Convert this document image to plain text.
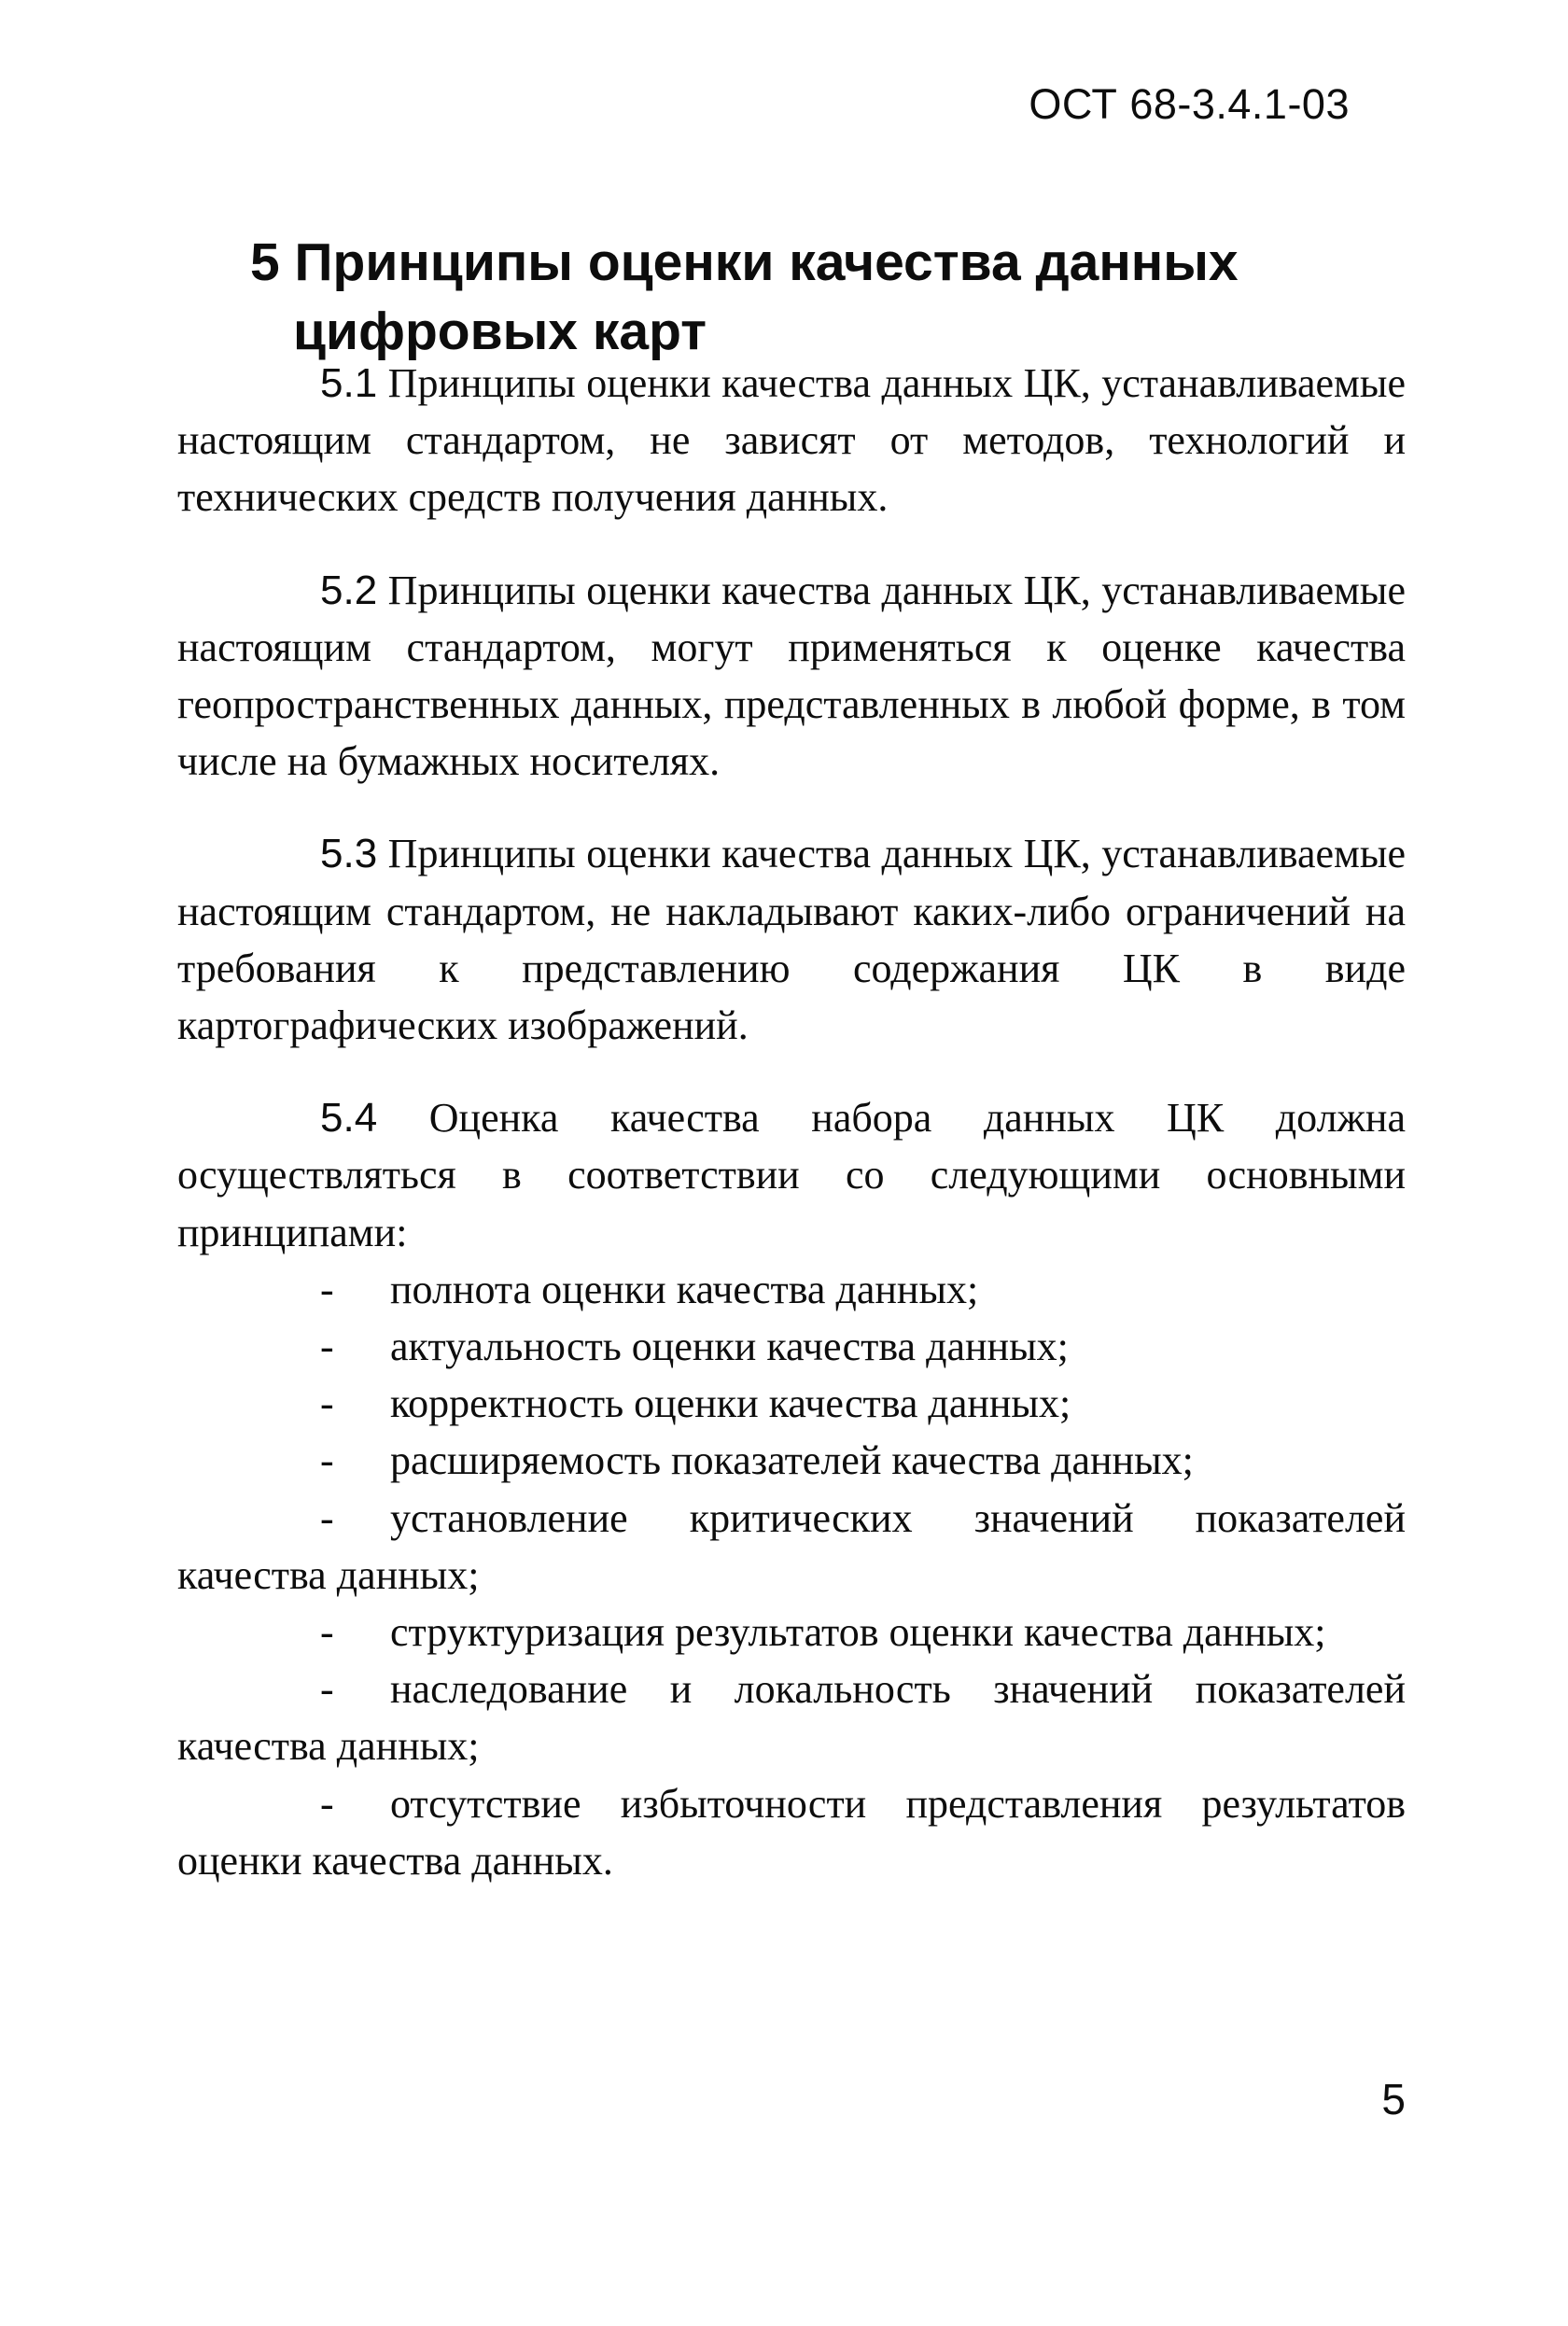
ОСТ 68-3.4.1-03
5 Принципы оценки качества данных цифровых карт

5.1 Принципы оценки качества данных ЦК, устанавливаемые настоящим стандартом, не зависят от методов, технологий и технических средств получения данных.

5.2 Принципы оценки качества данных ЦК, устанавливаемые настоящим стандартом, могут применяться к оценке качества геопространственных данных, представленных в любой форме, в том числе на бумажных носителях.

5.3 Принципы оценки качества данных ЦК, устанавливаемые настоящим стандартом, не накладывают каких-либо ограничений на требования к представлению содержания ЦК в виде картографических изображений.

5.4 Оценка качества набора данных ЦК должна осуществляться в соответствии со следующими основными принципами:

- полнота оценки качества данных;
- актуальность оценки качества данных;
- корректность оценки качества данных;
- расширяемость показателей качества данных;
-	установление критических значений показателей качества данных;
- структуризация результатов оценки качества данных;
-	наследование и локальность значений показателей качества данных;
-	отсутствие избыточности представления результатов оценки качества данных.
5
